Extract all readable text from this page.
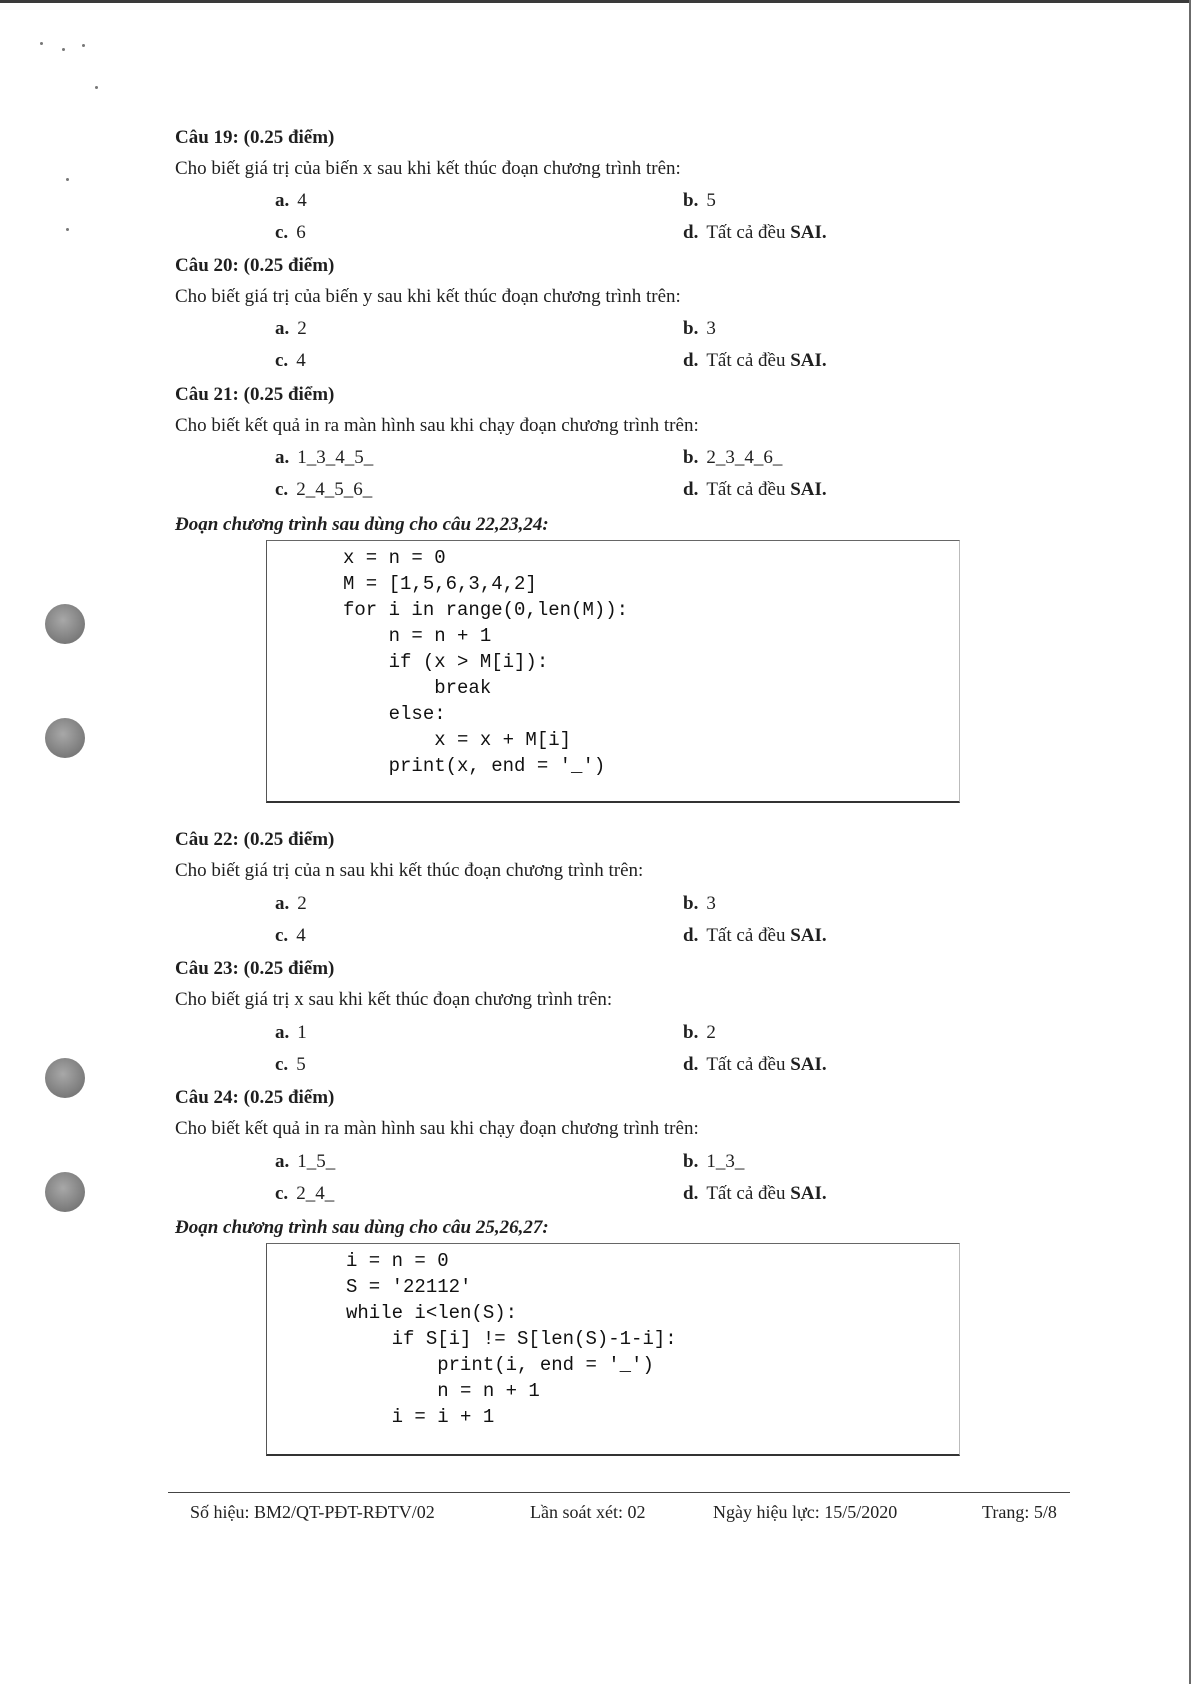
Câu 19: (0.25 điểm)
Cho biết giá trị của biến x sau khi kết thúc đoạn chương trình trên:
a. 4	b. 5
c. 6	d. Tất cả đều SAI.
Câu 20: (0.25 điểm)
Cho biết giá trị của biến y sau khi kết thúc đoạn chương trình trên:
a. 2	b. 3
c. 4	d. Tất cả đều SAI.
Câu 21: (0.25 điểm)
Cho biết kết quả in ra màn hình sau khi chạy đoạn chương trình trên:
a. 1_3_4_5_	b. 2_3_4_6_
c. 2_4_5_6_	d. Tất cả đều SAI.
Đoạn chương trình sau dùng cho câu 22,23,24:
x = n = 0
M = [1,5,6,3,4,2]
for i in range(0,len(M)):
n = n + 1
if (x > M[i]):
break
else:
x = x + M[i]
print(x, end = '_')
Câu 22: (0.25 điểm)
Cho biết giá trị của n sau khi kết thúc đoạn chương trình trên:
a. 2	b. 3
c. 4	d. Tất cả đều SAI.
Câu 23: (0.25 điểm)
Cho biết giá trị x sau khi kết thúc đoạn chương trình trên:
a. 1	b. 2
c. 5	d. Tất cả đều SAI.
Câu 24: (0.25 điểm)
Cho biết kết quả in ra màn hình sau khi chạy đoạn chương trình trên:
a. 1_5_	b. 1_3_
c. 2_4_	d. Tất cả đều SAI.
Đoạn chương trình sau dùng cho câu 25,26,27:
i = n = 0
S = '22112'
while i<len(S):
if S[i] != S[len(S)-1-i]:
print(i, end = '_')
n = n + 1
i = i + 1
Số hiệu: BM2/QT-PĐT-RĐTV/02	Lần soát xét: 02	Ngày hiệu lực: 15/5/2020	Trang: 5/8
